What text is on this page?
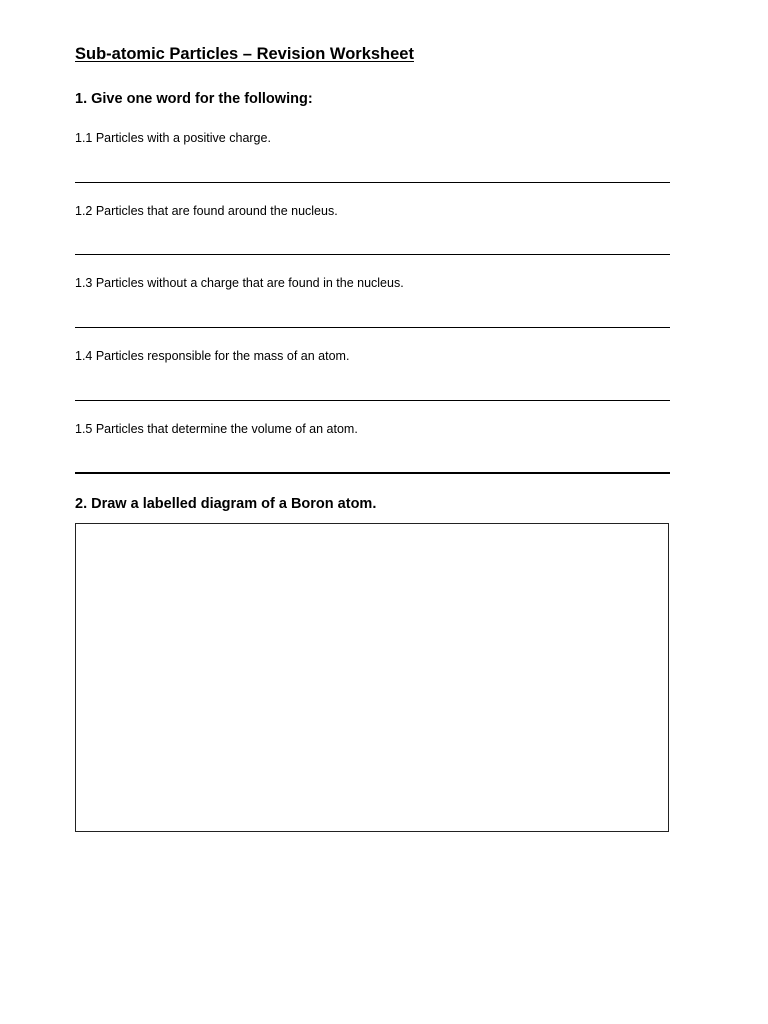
Sub-atomic Particles – Revision Worksheet
1. Give one word for the following:
1.1 Particles with a positive charge.
1.2 Particles that are found around the nucleus.
1.3 Particles without a charge that are found in the nucleus.
1.4 Particles responsible for the mass of an atom.
1.5 Particles that determine the volume of an atom.
2. Draw a labelled diagram of a Boron atom.
